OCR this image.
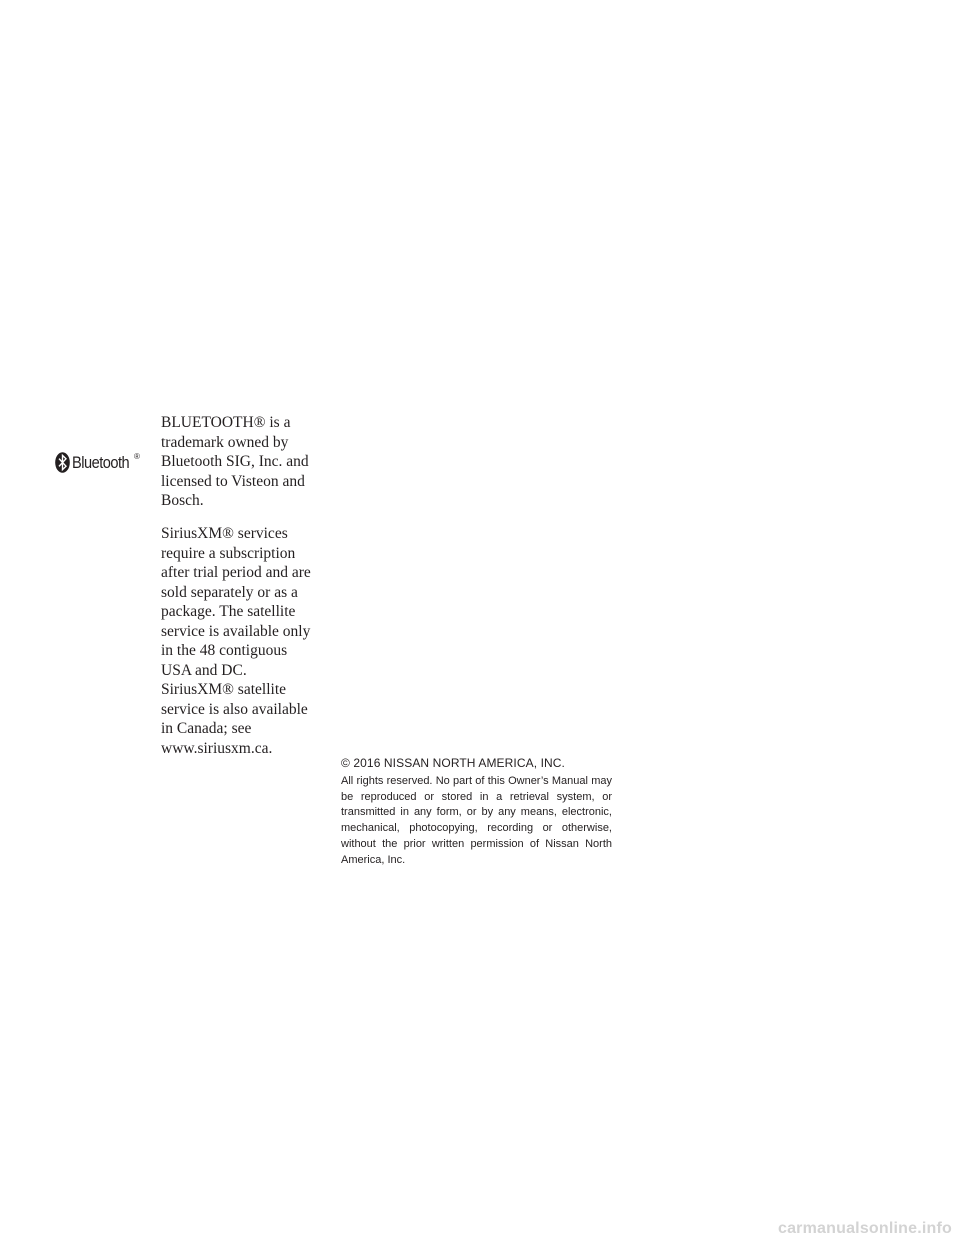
Bluetooth ®

BLUETOOTH® is a trademark owned by Bluetooth SIG, Inc. and licensed to Visteon and Bosch.

SiriusXM® services require a subscription after trial period and are sold separately or as a package. The satellite service is available only in the 48 contiguous USA and DC. SiriusXM® satellite service is also available in Canada; see www.siriusxm.ca.

© 2016 NISSAN NORTH AMERICA, INC.

All rights reserved. No part of this Owner’s Manual may be reproduced or stored in a retrieval system, or transmitted in any form, or by any means, electronic, mechanical, photocopying, recording or otherwise, without the prior written permission of Nissan North America, Inc.

carmanualsonline.info
